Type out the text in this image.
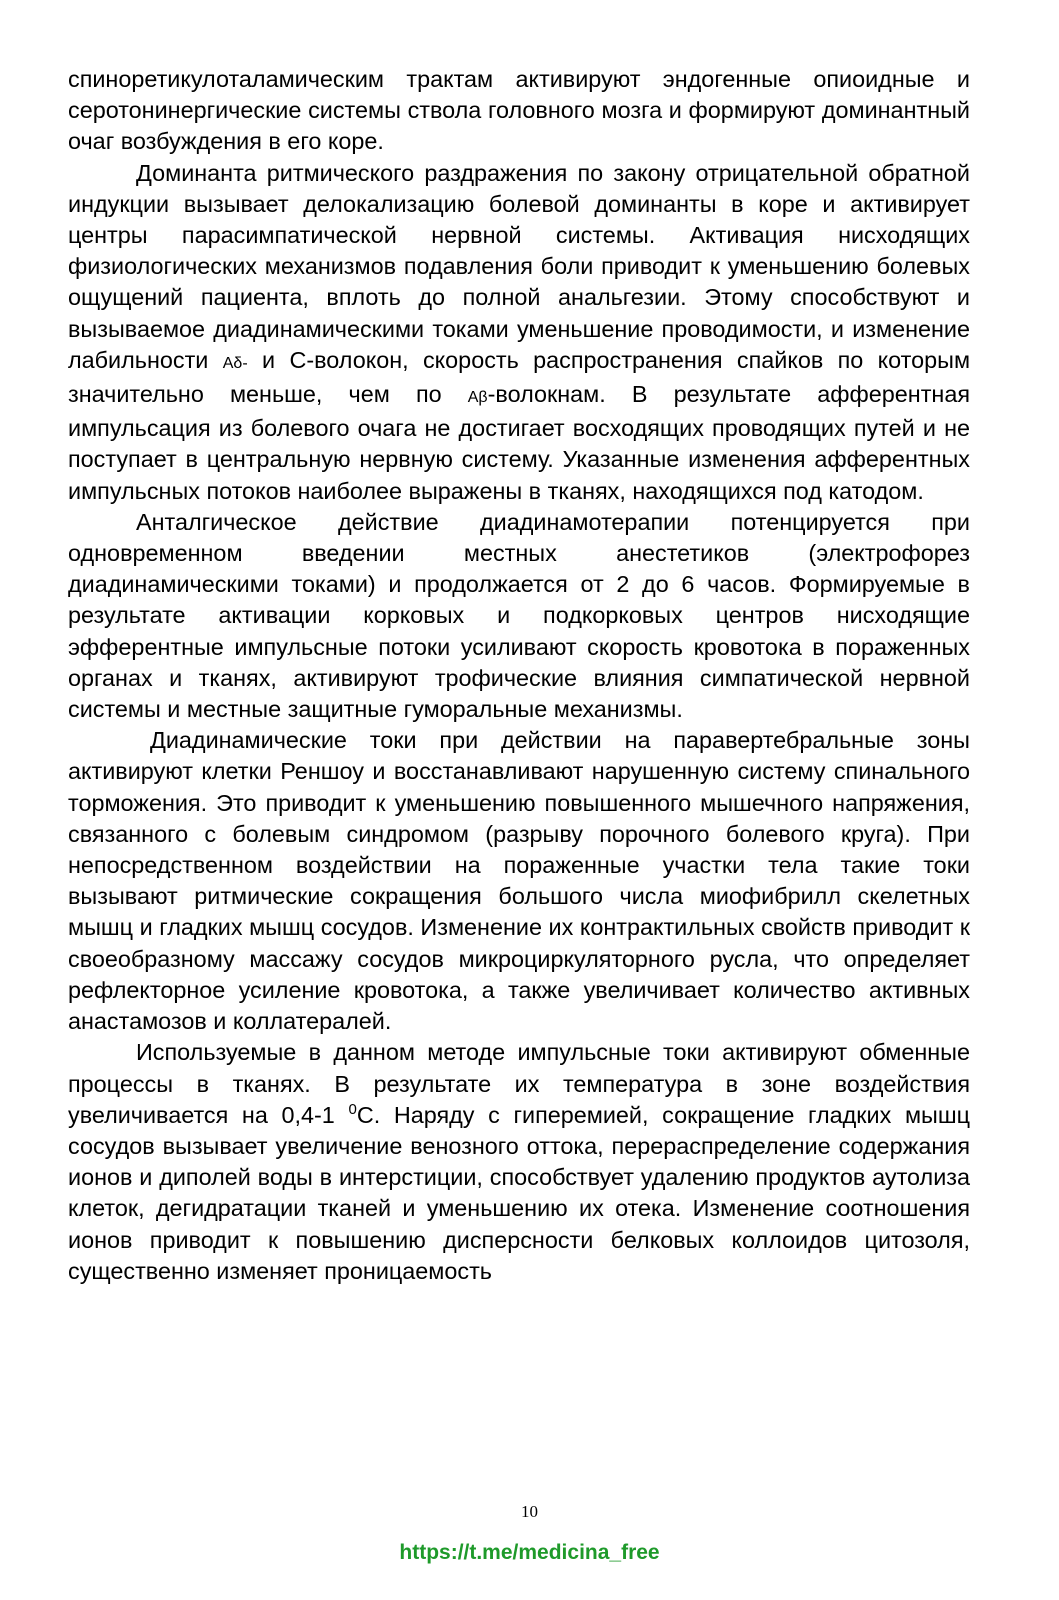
спиноретикулоталамическим трактам активируют эндогенные опиоидные и серотонинергические системы ствола головного мозга и формируют доминантный очаг возбуждения в его коре.

Доминанта ритмического раздражения по закону отрицательной обратной индукции вызывает делокализацию болевой доминанты в коре и активирует центры парасимпатической нервной системы. Активация нисходящих физиологических механизмов подавления боли приводит к уменьшению болевых ощущений пациента, вплоть до полной анальгезии. Этому способствуют и вызываемое диадинамическими токами уменьшение проводимости, и изменение лабильности Aδ- и С-волокон, скорость распространения спайков по которым значительно меньше, чем по Aβ-волокнам. В результате афферентная импульсация из болевого очага не достигает восходящих проводящих путей и не поступает в центральную нервную систему. Указанные изменения афферентных импульсных потоков наиболее выражены в тканях, находящихся под катодом.

Анталгическое действие диадинамотерапии потенцируется при одновременном введении местных анестетиков (электрофорез диадинамическими токами) и продолжается от 2 до 6 часов. Формируемые в результате активации корковых и подкорковых центров нисходящие эфферентные импульсные потоки усиливают скорость кровотока в пораженных органах и тканях, активируют трофические влияния симпатической нервной системы и местные защитные гуморальные механизмы.

Диадинамические токи при действии на паравертебральные зоны активируют клетки Реншоу и восстанавливают нарушенную систему спинального торможения. Это приводит к уменьшению повышенного мышечного напряжения, связанного с болевым синдромом (разрыву порочного болевого круга). При непосредственном воздействии на пораженные участки тела такие токи вызывают ритмические сокращения большого числа миофибрилл скелетных мышц и гладких мышц сосудов. Изменение их контрактильных свойств приводит к своеобразному массажу сосудов микроциркуляторного русла, что определяет рефлекторное усиление кровотока, а также увеличивает количество активных анастамозов и коллатералей.

Используемые в данном методе импульсные токи активируют обменные процессы в тканях. В результате их температура в зоне воздействия увеличивается на 0,4-1 $^0$С. Наряду с гиперемией, сокращение гладких мышц сосудов вызывает увеличение венозного оттока, перераспределение содержания ионов и диполей воды в интерстиции, способствует удалению продуктов аутолиза клеток, дегидратации тканей и уменьшению их отека. Изменение соотношения ионов приводит к повышению дисперсности белковых коллоидов цитозоля, существенно изменяет проницаемость

10
https://t.me/medicina_free
